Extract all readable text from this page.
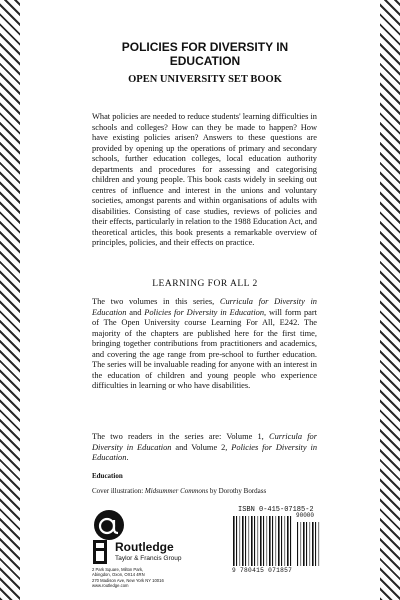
POLICIES FOR DIVERSITY IN EDUCATION
OPEN UNIVERSITY SET BOOK

What policies are needed to reduce students' learning difficulties in schools and colleges? How can they be made to happen? How have existing policies arisen? Answers to these questions are provided by opening up the operations of primary and secondary schools, further education colleges, local education authority departments and procedures for assessing and categorising children and young people. This book casts widely in seeking out centres of influence and interest in the unions and voluntary societies, amongst parents and within organisations of adults with disabilities. Consisting of case studies, reviews of policies and their effects, particularly in relation to the 1988 Education Act, and theoretical articles, this book presents a remarkable overview of principles, policies, and their effects on practice.

LEARNING FOR ALL 2

The two volumes in this series, Curricula for Diversity in Education and Policies for Diversity in Education, will form part of The Open University course Learning For All, E242. The majority of the chapters are published here for the first time, bringing together contributions from practitioners and academics, and covering the age range from pre-school to further education. The series will be invaluable reading for anyone with an interest in the education of children and young people who experience difficulties in learning or who have disabilities.

The two readers in the series are: Volume 1, Curricula for Diversity in Education and Volume 2, Policies for Diversity in Education.

Education
Cover illustration: Midsummer Commons by Dorothy Bordass
Routledge
Taylor & Francis Group
2 Park Square, Milton Park,
Abingdon, Oxon, OX14 4RN
270 Madison Ave, New York NY 10016
www.routledge.com
ISBN 0-415-07185-2
90000
9 780415 071857
